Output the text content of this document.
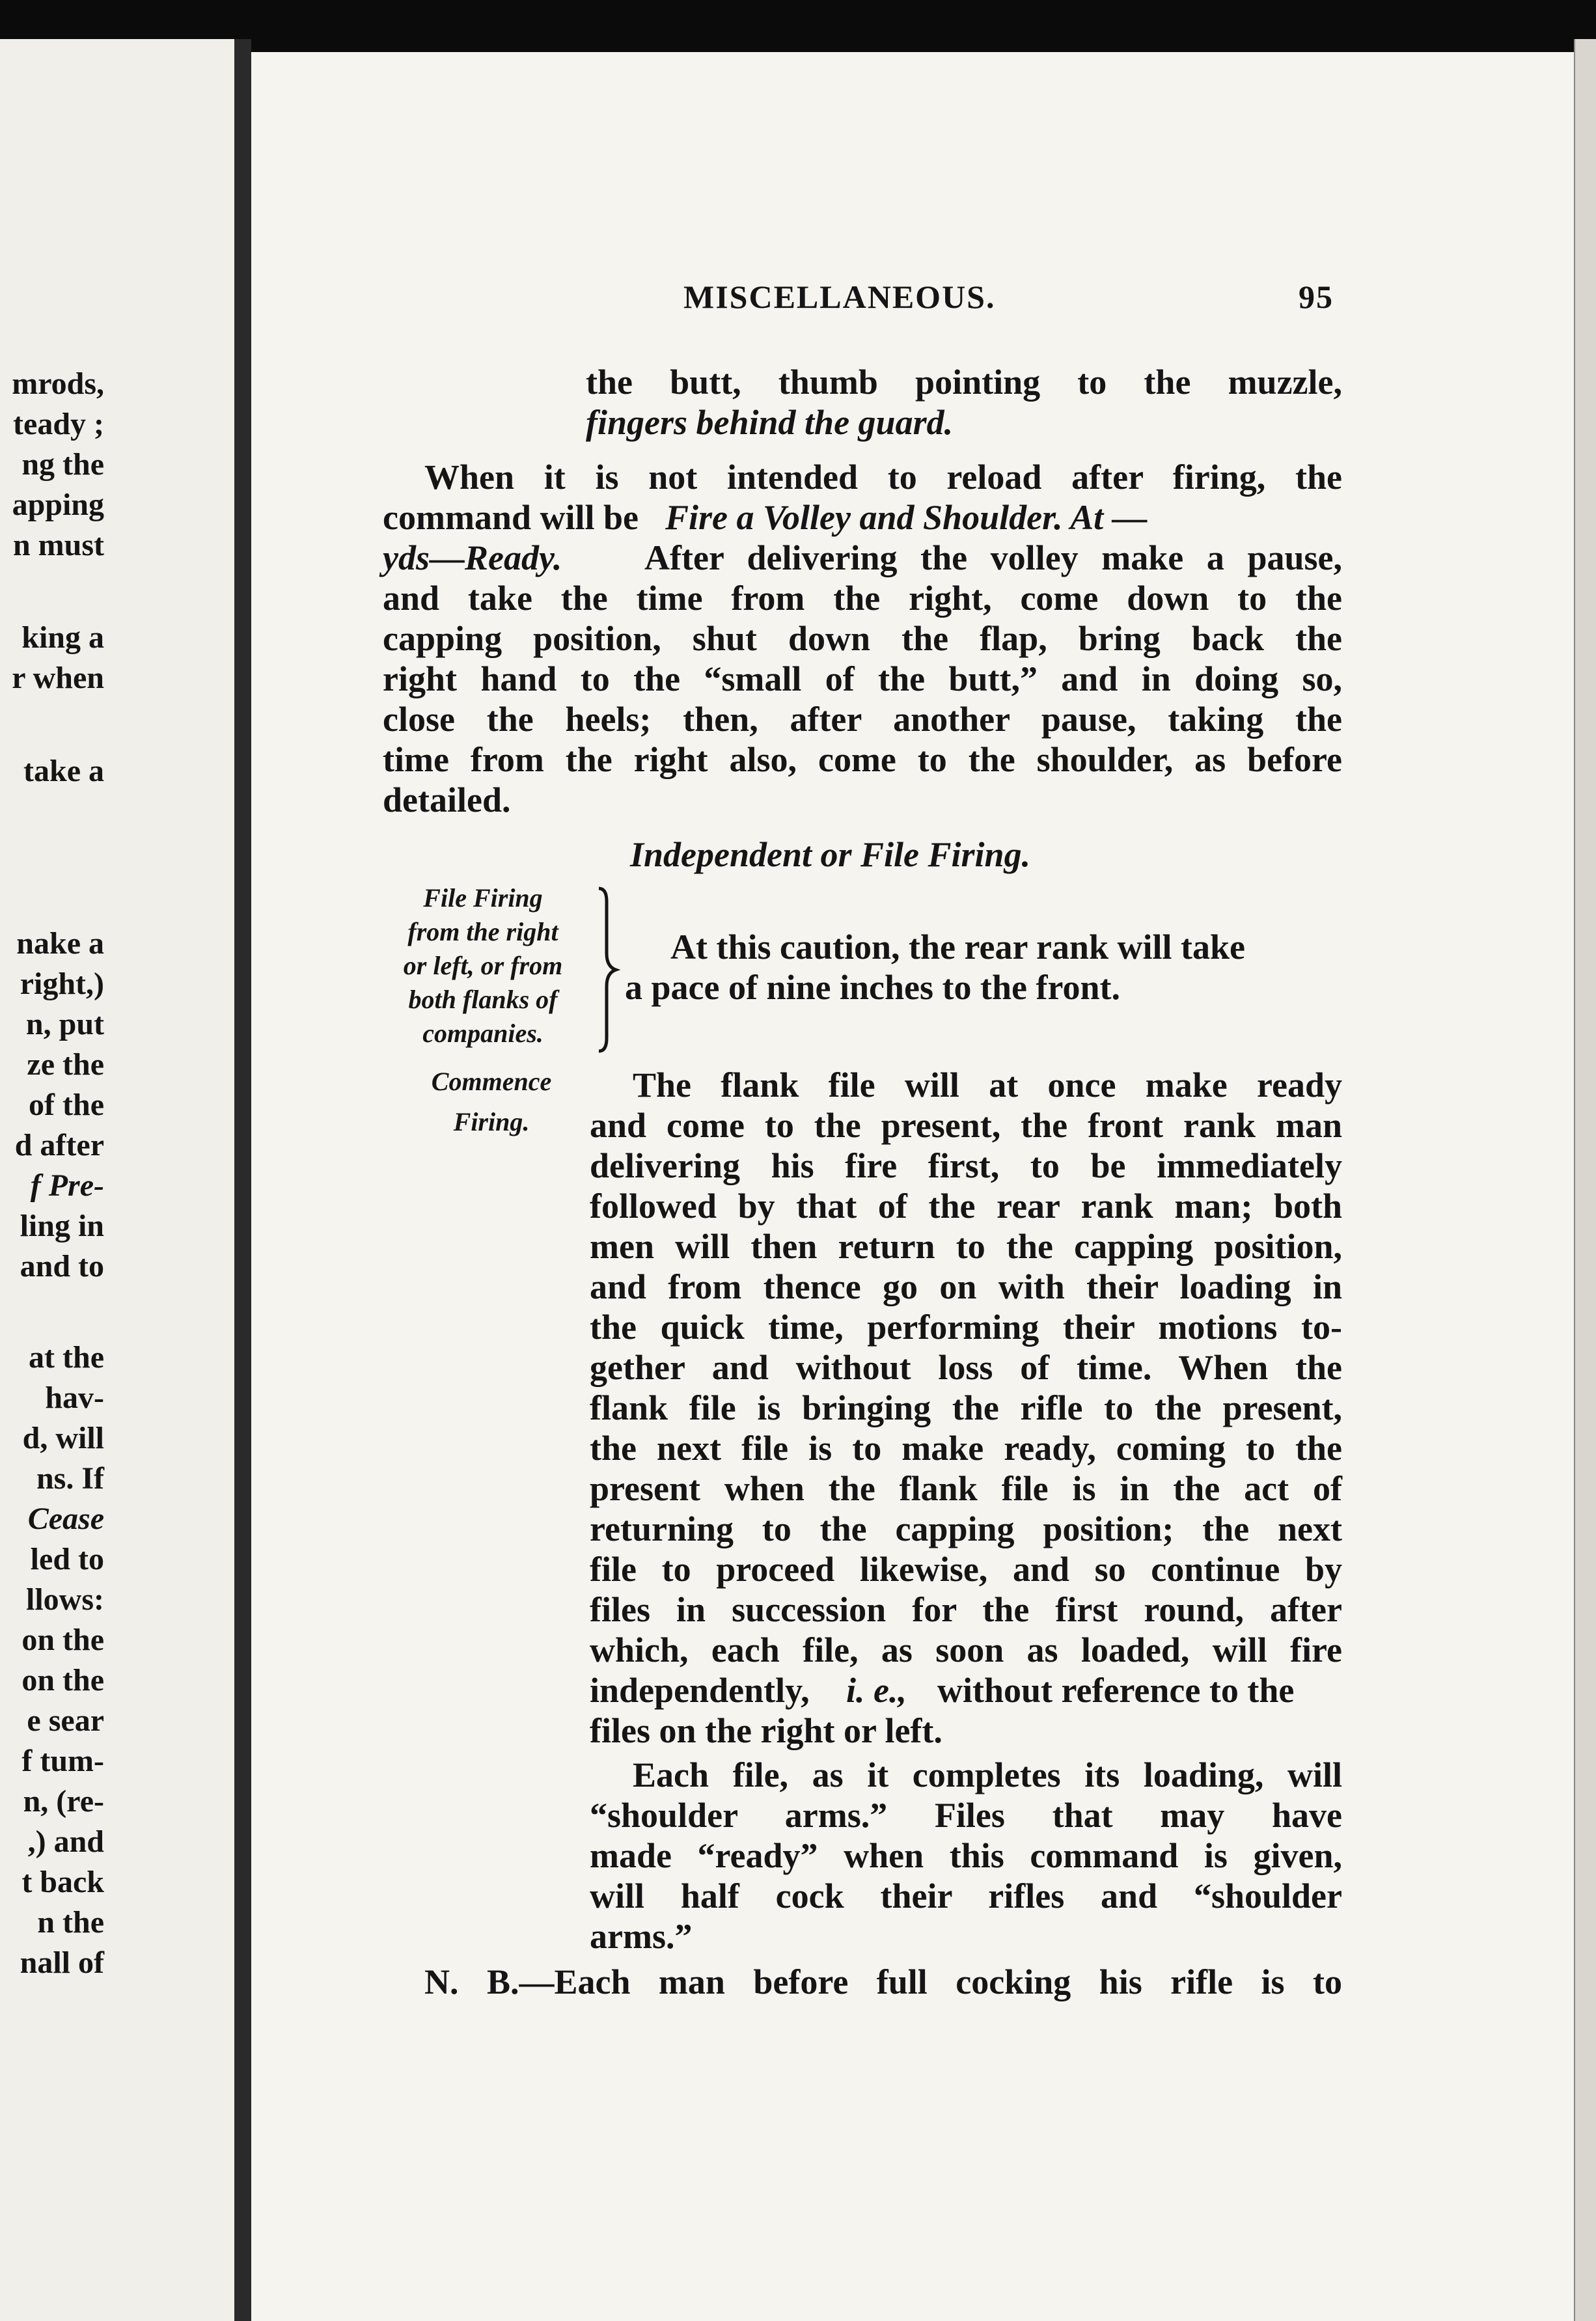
mrods,
teady ;
ng the
apping
n must
king a
r when
take a
nake a
right,)
n, put
ze the
of the
d after
f Pre-
ling in
and to
at the
hav-
d, will
ns. If
Cease
led to
llows:
on the
on the
e sear
f tum-
n, (re-
,) and
t back
n the
nall of
MISCELLANEOUS.	95
the butt, thumb pointing to the muzzle,
fingers behind the guard.
When it is not intended to reload after firing, the
command will be Fire a Volley and Shoulder. At —
yds—Ready. After delivering the volley make a pause,
and take the time from the right, come down to the
capping position, shut down the flap, bring back the
right hand to the “small of the butt,” and in doing so,
close the heels; then, after another pause, taking the
time from the right also, come to the shoulder, as before
detailed.
Independent or File Firing.
File Firing
from the right
or left, or from
both flanks of
companies.
At this caution, the rear rank will take
a pace of nine inches to the front.
Commence
Firing.
The flank file will at once make ready
and come to the present, the front rank man
delivering his fire first, to be immediately
followed by that of the rear rank man; both
men will then return to the capping position,
and from thence go on with their loading in
the quick time, performing their motions to-
gether and without loss of time. When the
flank file is bringing the rifle to the present,
the next file is to make ready, coming to the
present when the flank file is in the act of
returning to the capping position; the next
file to proceed likewise, and so continue by
files in succession for the first round, after
which, each file, as soon as loaded, will fire
independently, i. e., without reference to the
files on the right or left.
Each file, as it completes its loading, will
“shoulder arms.” Files that may have
made “ready” when this command is given,
will half cock their rifles and “shoulder
arms.”
N. B.—Each man before full cocking his rifle is to
